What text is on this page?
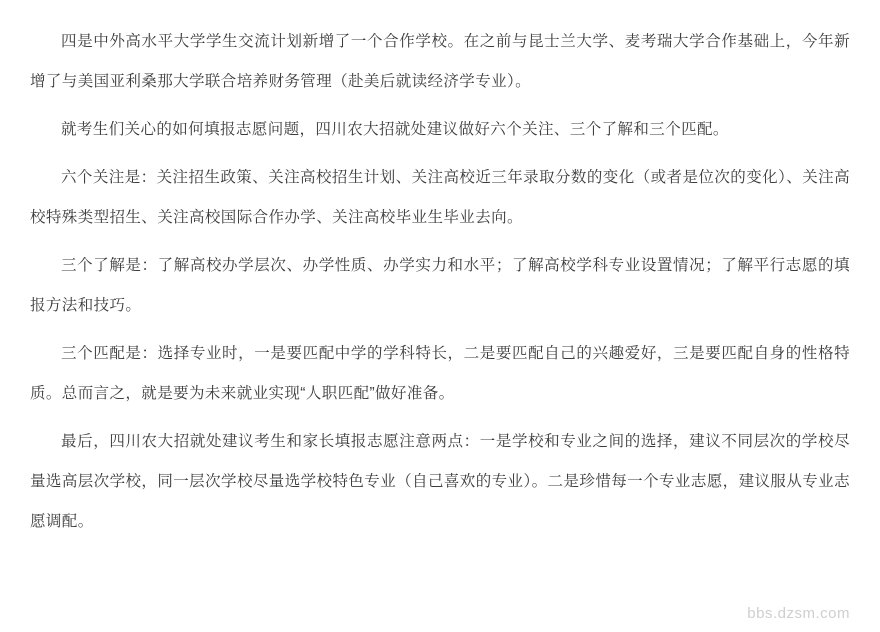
四是中外高水平大学学生交流计划新增了一个合作学校。在之前与昆士兰大学、麦考瑞大学合作基础上，今年新增了与美国亚利桑那大学联合培养财务管理（赴美后就读经济学专业）。

就考生们关心的如何填报志愿问题，四川农大招就处建议做好六个关注、三个了解和三个匹配。

六个关注是：关注招生政策、关注高校招生计划、关注高校近三年录取分数的变化（或者是位次的变化）、关注高校特殊类型招生、关注高校国际合作办学、关注高校毕业生毕业去向。

三个了解是：了解高校办学层次、办学性质、办学实力和水平；了解高校学科专业设置情况；了解平行志愿的填报方法和技巧。

三个匹配是：选择专业时，一是要匹配中学的学科特长，二是要匹配自己的兴趣爱好，三是要匹配自身的性格特质。总而言之，就是要为未来就业实现“人职匹配”做好准备。

最后，四川农大招就处建议考生和家长填报志愿注意两点：一是学校和专业之间的选择，建议不同层次的学校尽量选高层次学校，同一层次学校尽量选学校特色专业（自己喜欢的专业）。二是珍惜每一个专业志愿，建议服从专业志愿调配。

bbs.dzsm.com
